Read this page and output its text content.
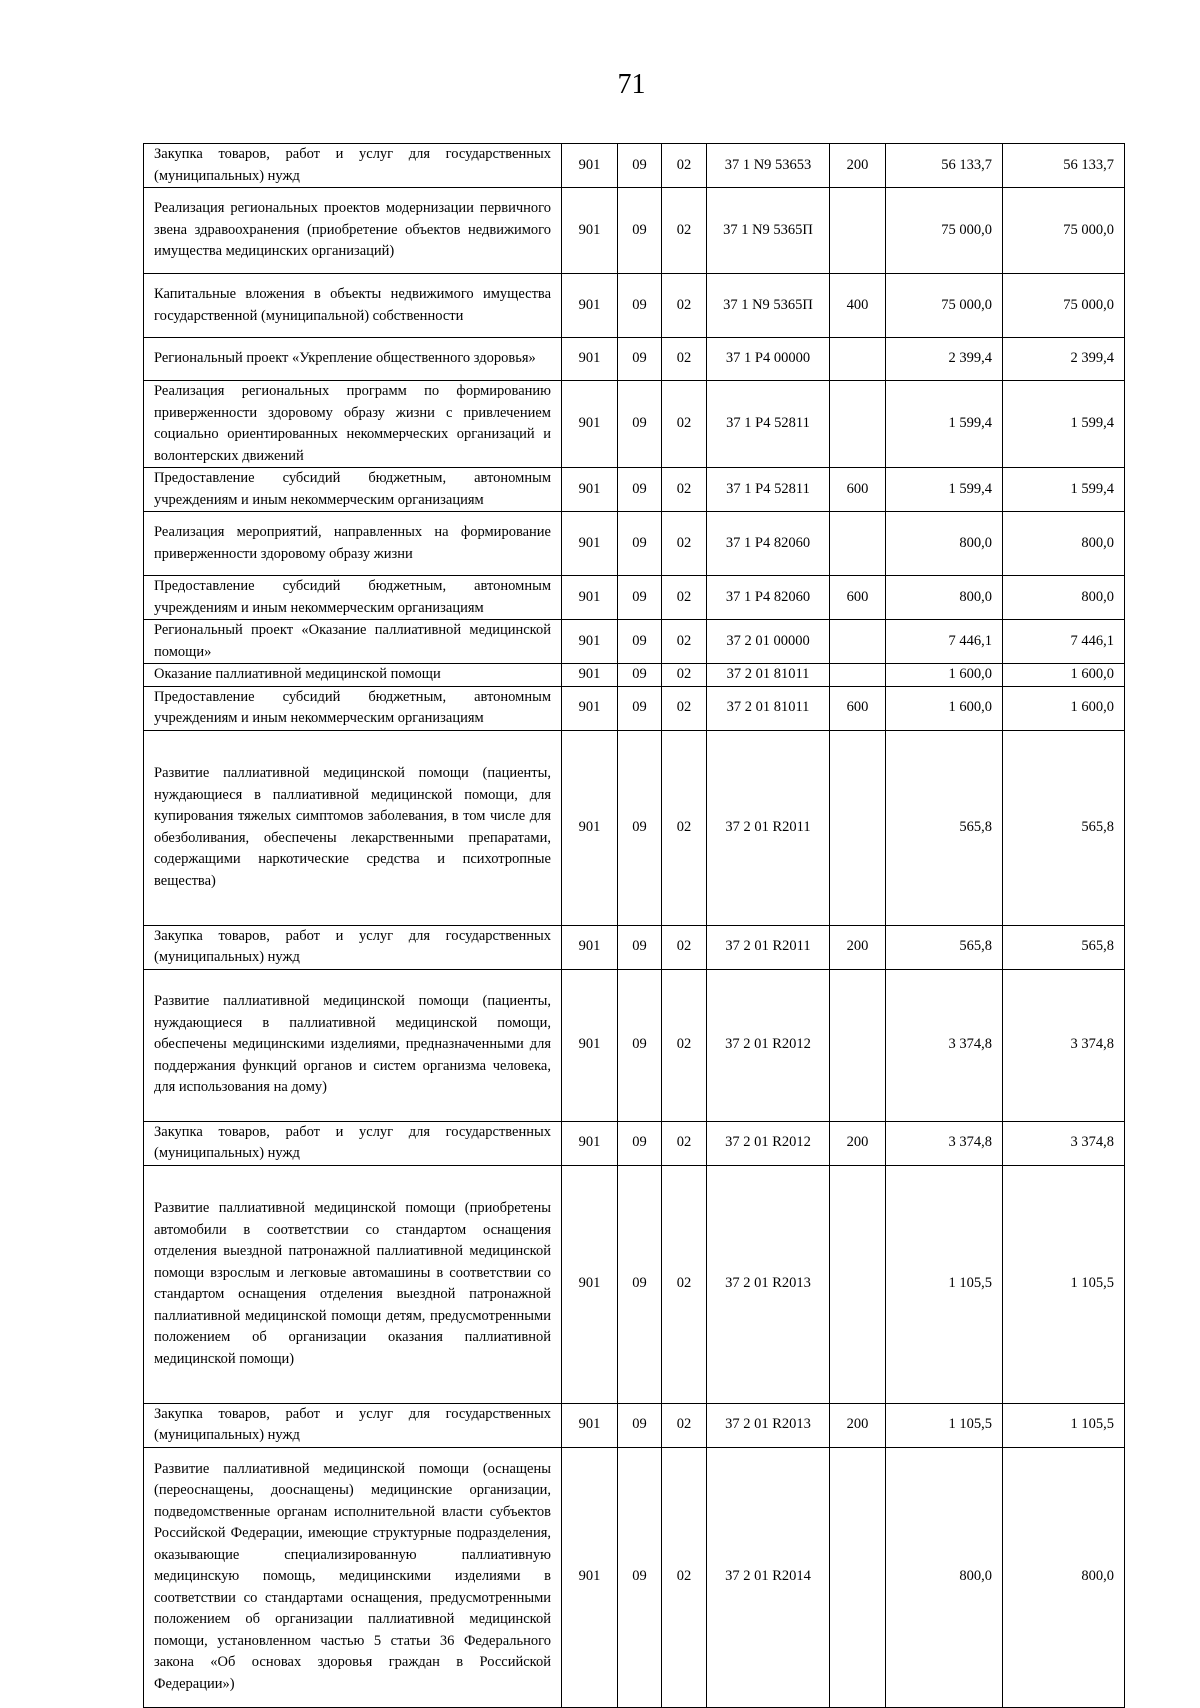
71
Закупка товаров, работ и услуг для государственных (муниципальных) нужд	901	09	02	37 1 N9 53653	200	56 133,7	56 133,7
Реализация региональных проектов модернизации первичного звена здравоохранения (приобретение объектов недвижимого имущества медицинских организаций)	901	09	02	37 1 N9 5365П		75 000,0	75 000,0
Капитальные вложения в объекты недвижимого имущества государственной (муниципальной) собственности	901	09	02	37 1 N9 5365П	400	75 000,0	75 000,0
Региональный проект «Укрепление общественного здоровья»	901	09	02	37 1 P4 00000		2 399,4	2 399,4
Реализация региональных программ по формированию приверженности здоровому образу жизни с привлечением социально ориентированных некоммерческих организаций и волонтерских движений	901	09	02	37 1 P4 52811		1 599,4	1 599,4
Предоставление субсидий бюджетным, автономным учреждениям и иным некоммерческим организациям	901	09	02	37 1 P4 52811	600	1 599,4	1 599,4
Реализация мероприятий, направленных на формирование приверженности здоровому образу жизни	901	09	02	37 1 P4 82060		800,0	800,0
Предоставление субсидий бюджетным, автономным учреждениям и иным некоммерческим организациям	901	09	02	37 1 P4 82060	600	800,0	800,0
Региональный проект «Оказание паллиативной медицинской помощи»	901	09	02	37 2 01 00000		7 446,1	7 446,1
Оказание паллиативной медицинской помощи	901	09	02	37 2 01 81011		1 600,0	1 600,0
Предоставление субсидий бюджетным, автономным учреждениям и иным некоммерческим организациям	901	09	02	37 2 01 81011	600	1 600,0	1 600,0
Развитие паллиативной медицинской помощи (пациенты, нуждающиеся в паллиативной медицинской помощи, для купирования тяжелых симптомов заболевания, в том числе для обезболивания, обеспечены лекарственными препаратами, содержащими наркотические средства и психотропные вещества)	901	09	02	37 2 01 R2011		565,8	565,8
Закупка товаров, работ и услуг для государственных (муниципальных) нужд	901	09	02	37 2 01 R2011	200	565,8	565,8
Развитие паллиативной медицинской помощи (пациенты, нуждающиеся в паллиативной медицинской помощи, обеспечены медицинскими изделиями, предназначенными для поддержания функций органов и систем организма человека, для использования на дому)	901	09	02	37 2 01 R2012		3 374,8	3 374,8
Закупка товаров, работ и услуг для государственных (муниципальных) нужд	901	09	02	37 2 01 R2012	200	3 374,8	3 374,8
Развитие паллиативной медицинской помощи (приобретены автомобили в соответствии со стандартом оснащения отделения выездной патронажной паллиативной медицинской помощи взрослым и легковые автомашины в соответствии со стандартом оснащения отделения выездной патронажной паллиативной медицинской помощи детям, предусмотренными положением об организации оказания паллиативной медицинской помощи)	901	09	02	37 2 01 R2013		1 105,5	1 105,5
Закупка товаров, работ и услуг для государственных (муниципальных) нужд	901	09	02	37 2 01 R2013	200	1 105,5	1 105,5
Развитие паллиативной медицинской помощи (оснащены (переоснащены, дооснащены) медицинские организации, подведомственные органам исполнительной власти субъектов Российской Федерации, имеющие структурные подразделения, оказывающие специализированную паллиативную медицинскую помощь, медицинскими изделиями в соответствии со стандартами оснащения, предусмотренными положением об организации паллиативной медицинской помощи, установленном частью 5 статьи 36 Федерального закона «Об основах здоровья граждан в Российской Федерации»)	901	09	02	37 2 01 R2014		800,0	800,0
